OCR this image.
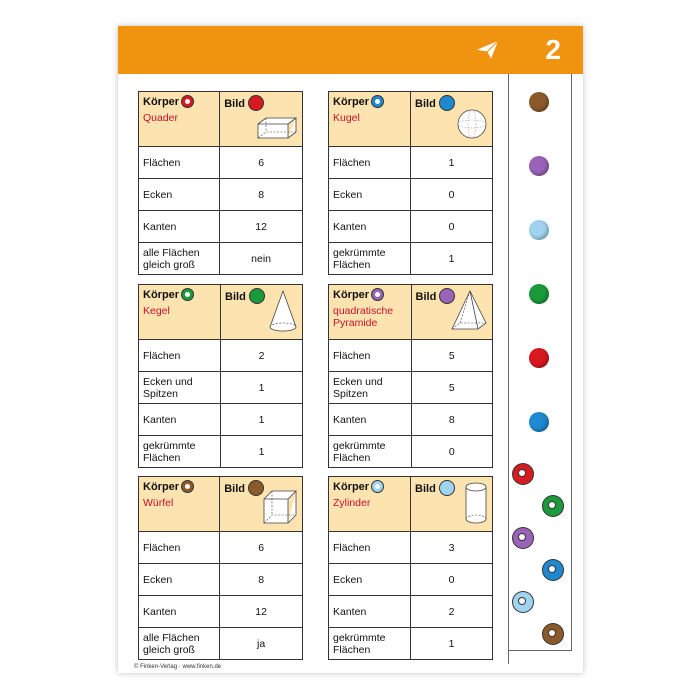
2
Körper
Quader	Bild

Flächen	6
Ecken	8
Kanten	12
alle Flächen gleich groß	nein
Körper
Kugel	Bild

Flächen	1
Ecken	0
Kanten	0
gekrümmte Flächen	1
Körper
Kegel	Bild

Flächen	2
Ecken und Spitzen	1
Kanten	1
gekrümmte Flächen	1
Körper
quadratische Pyramide	Bild

Flächen	5
Ecken und Spitzen	5
Kanten	8
gekrümmte Flächen	0
Körper
Würfel	Bild

Flächen	6
Ecken	8
Kanten	12
alle Flächen gleich groß	ja
Körper
Zylinder	Bild

Flächen	3
Ecken	0
Kanten	2
gekrümmte Flächen	1
© Finken-Verlag · www.finken.de
